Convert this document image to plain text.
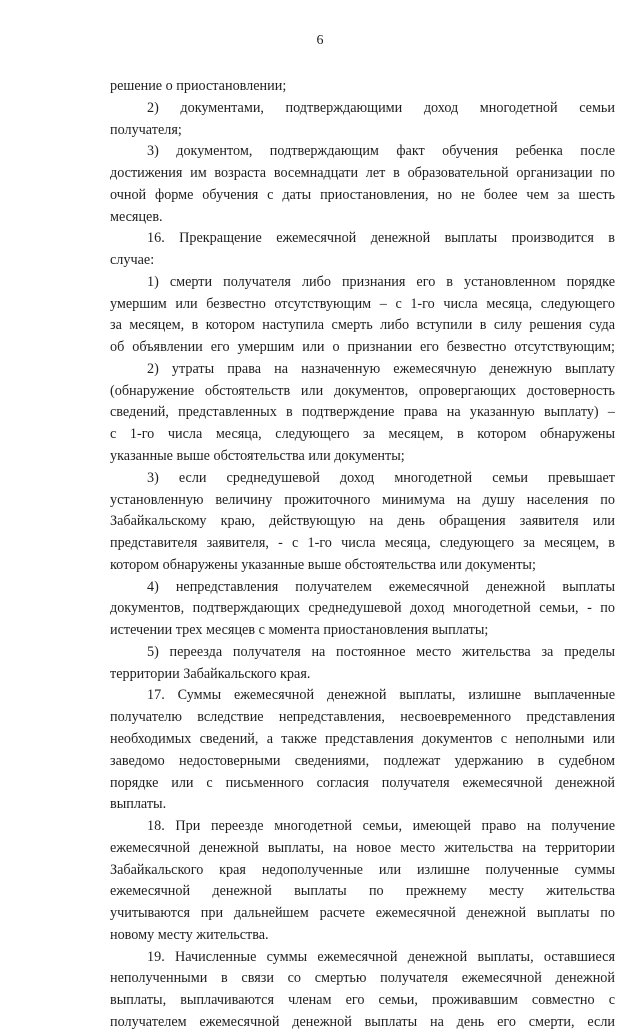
6
решение о приостановлении;
2) документами, подтверждающими доход многодетной семьи
получателя;
3) документом, подтверждающим факт обучения ребенка после
достижения им возраста восемнадцати лет в образовательной организации по
очной форме обучения с даты приостановления, но не более чем за шесть
месяцев.
16. Прекращение ежемесячной денежной выплаты производится в
случае:
1) смерти получателя либо признания его в установленном порядке
умершим или безвестно отсутствующим – с 1-го числа месяца, следующего
за месяцем, в котором наступила смерть либо вступили в силу решения суда
об объявлении его умершим или о признании его безвестно отсутствующим;
2) утраты права на назначенную ежемесячную денежную выплату
(обнаружение обстоятельств или документов, опровергающих достоверность
сведений, представленных в подтверждение права на указанную выплату) –
с 1-го числа месяца, следующего за месяцем, в котором обнаружены
указанные выше обстоятельства или документы;
3) если среднедушевой доход многодетной семьи превышает
установленную величину прожиточного минимума на душу населения по
Забайкальскому краю, действующую на день обращения заявителя или
представителя заявителя, - с 1-го числа месяца, следующего за месяцем, в
котором обнаружены указанные выше обстоятельства или документы;
4) непредставления получателем ежемесячной денежной выплаты
документов, подтверждающих среднедушевой доход многодетной семьи, - по
истечении трех месяцев с момента приостановления выплаты;
5) переезда получателя на постоянное место жительства за пределы
территории Забайкальского края.
17. Суммы ежемесячной денежной выплаты, излишне выплаченные
получателю вследствие непредставления, несвоевременного представления
необходимых сведений, а также представления документов с неполными или
заведомо недостоверными сведениями, подлежат удержанию в судебном
порядке или с письменного согласия получателя ежемесячной денежной
выплаты.
18. При переезде многодетной семьи, имеющей право на получение
ежемесячной денежной выплаты, на новое место жительства на территории
Забайкальского края недополученные или излишне полученные суммы
ежемесячной денежной выплаты по прежнему месту жительства
учитываются при дальнейшем расчете ежемесячной денежной выплаты по
новому месту жительства.
19. Начисленные суммы ежемесячной денежной выплаты, оставшиеся
неполученными в связи со смертью получателя ежемесячной денежной
выплаты, выплачиваются членам его семьи, проживавшим совместно с
получателем ежемесячной денежной выплаты на день его смерти, если
